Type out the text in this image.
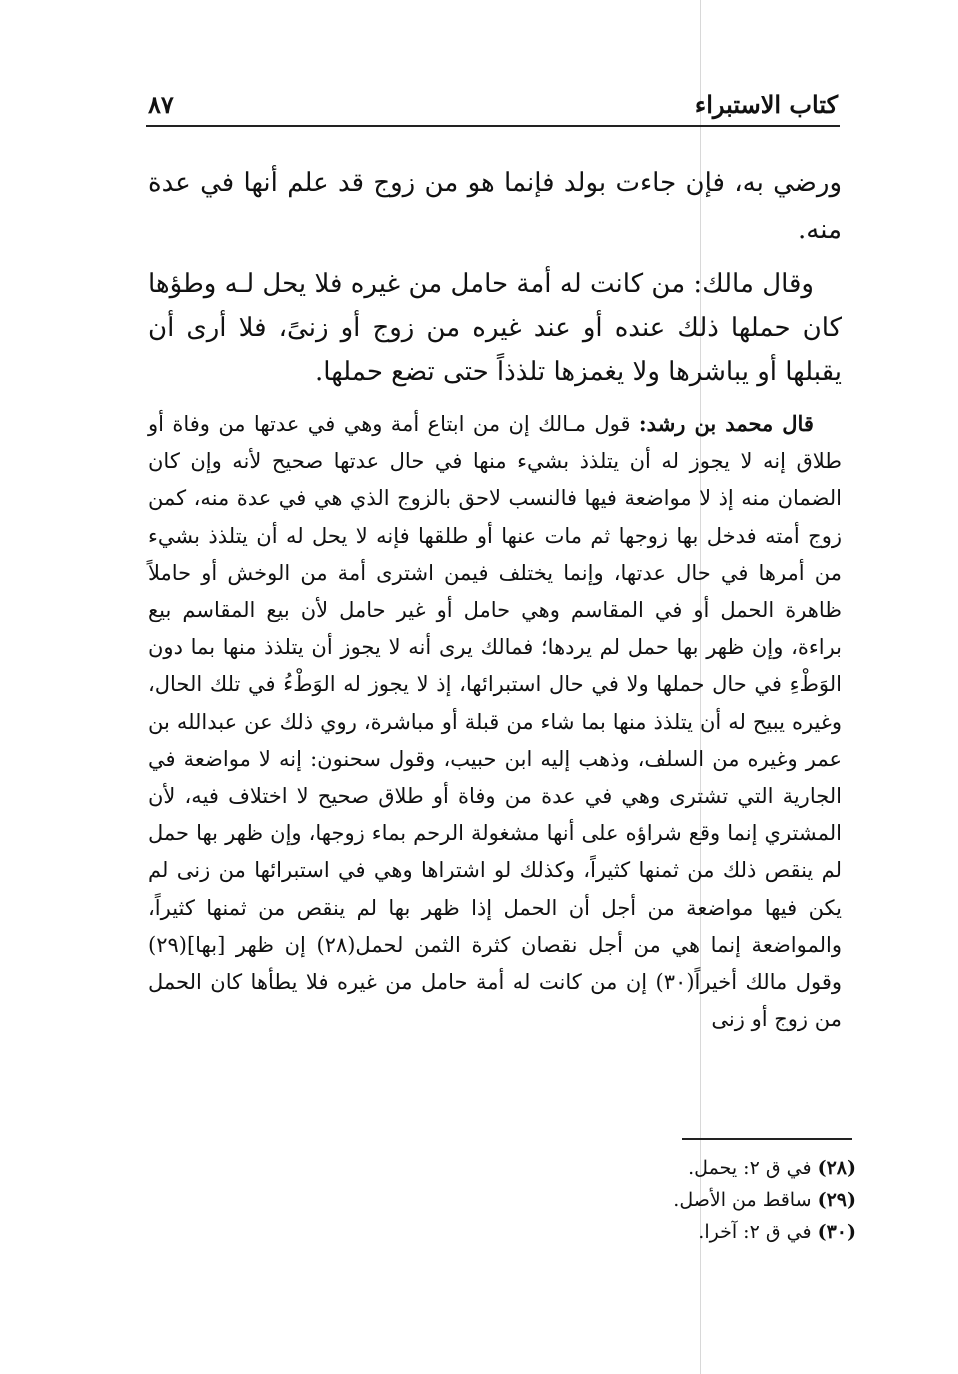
كتاب الاستبراء
٨٧
ورضي به، فإن جاءت بولد فإنما هو من زوج قد علم أنها في عدة منه.
وقال مالك: من كانت له أمة حامل من غيره فلا يحل لـه وطؤها كان حملها ذلك عنده أو عند غيره من زوج أو زنىً، فلا أرى أن يقبلها أو يباشرها ولا يغمزها تلذذاً حتى تضع حملها.
قال محمد بن رشد: قول مـالك إن من ابتاع أمة وهي في عدتها من وفاة أو طلاق إنه لا يجوز له أن يتلذذ بشيء منها في حال عدتها صحيح لأنه وإن كان الضمان منه إذ لا مواضعة فيها فالنسب لاحق بالزوج الذي هي في عدة منه، كمن زوج أمته فدخل بها زوجها ثم مات عنها أو طلقها فإنه لا يحل له أن يتلذذ بشيء من أمرها في حال عدتها، وإنما يختلف فيمن اشترى أمة من الوخش أو حاملاً ظاهرة الحمل أو في المقاسم وهي حامل أو غير حامل لأن بيع المقاسم بيع براءة، وإن ظهر بها حمل لم يردها؛ فمالك يرى أنه لا يجوز أن يتلذذ منها بما دون الوَطْءِ في حال حملها ولا في حال استبرائها، إذ لا يجوز له الوَطْءُ في تلك الحال، وغيره يبيح له أن يتلذذ منها بما شاء من قبلة أو مباشرة، روي ذلك عن عبدالله بن عمر وغيره من السلف، وذهب إليه ابن حبيب، وقول سحنون: إنه لا مواضعة في الجارية التي تشترى وهي في عدة من وفاة أو طلاق صحيح لا اختلاف فيه، لأن المشتري إنما وقع شراؤه على أنها مشغولة الرحم بماء زوجها، وإن ظهر بها حمل لم ينقص ذلك من ثمنها كثيراً، وكذلك لو اشتراها وهي في استبرائها من زنى لم يكن فيها مواضعة من أجل أن الحمل إذا ظهر بها لم ينقص من ثمنها كثيراً، والمواضعة إنما هي من أجل نقصان كثرة الثمن لحمل(٢٨) إن ظهر [بها](٢٩) وقول مالك أخيراً(٣٠) إن من كانت له أمة حامل من غيره فلا يطأها كان الحمل من زوج أو زنى
(٢٨) في ق ٢: يحمل.
(٢٩) ساقط من الأصل.
(٣٠) في ق ٢: آخرا.
